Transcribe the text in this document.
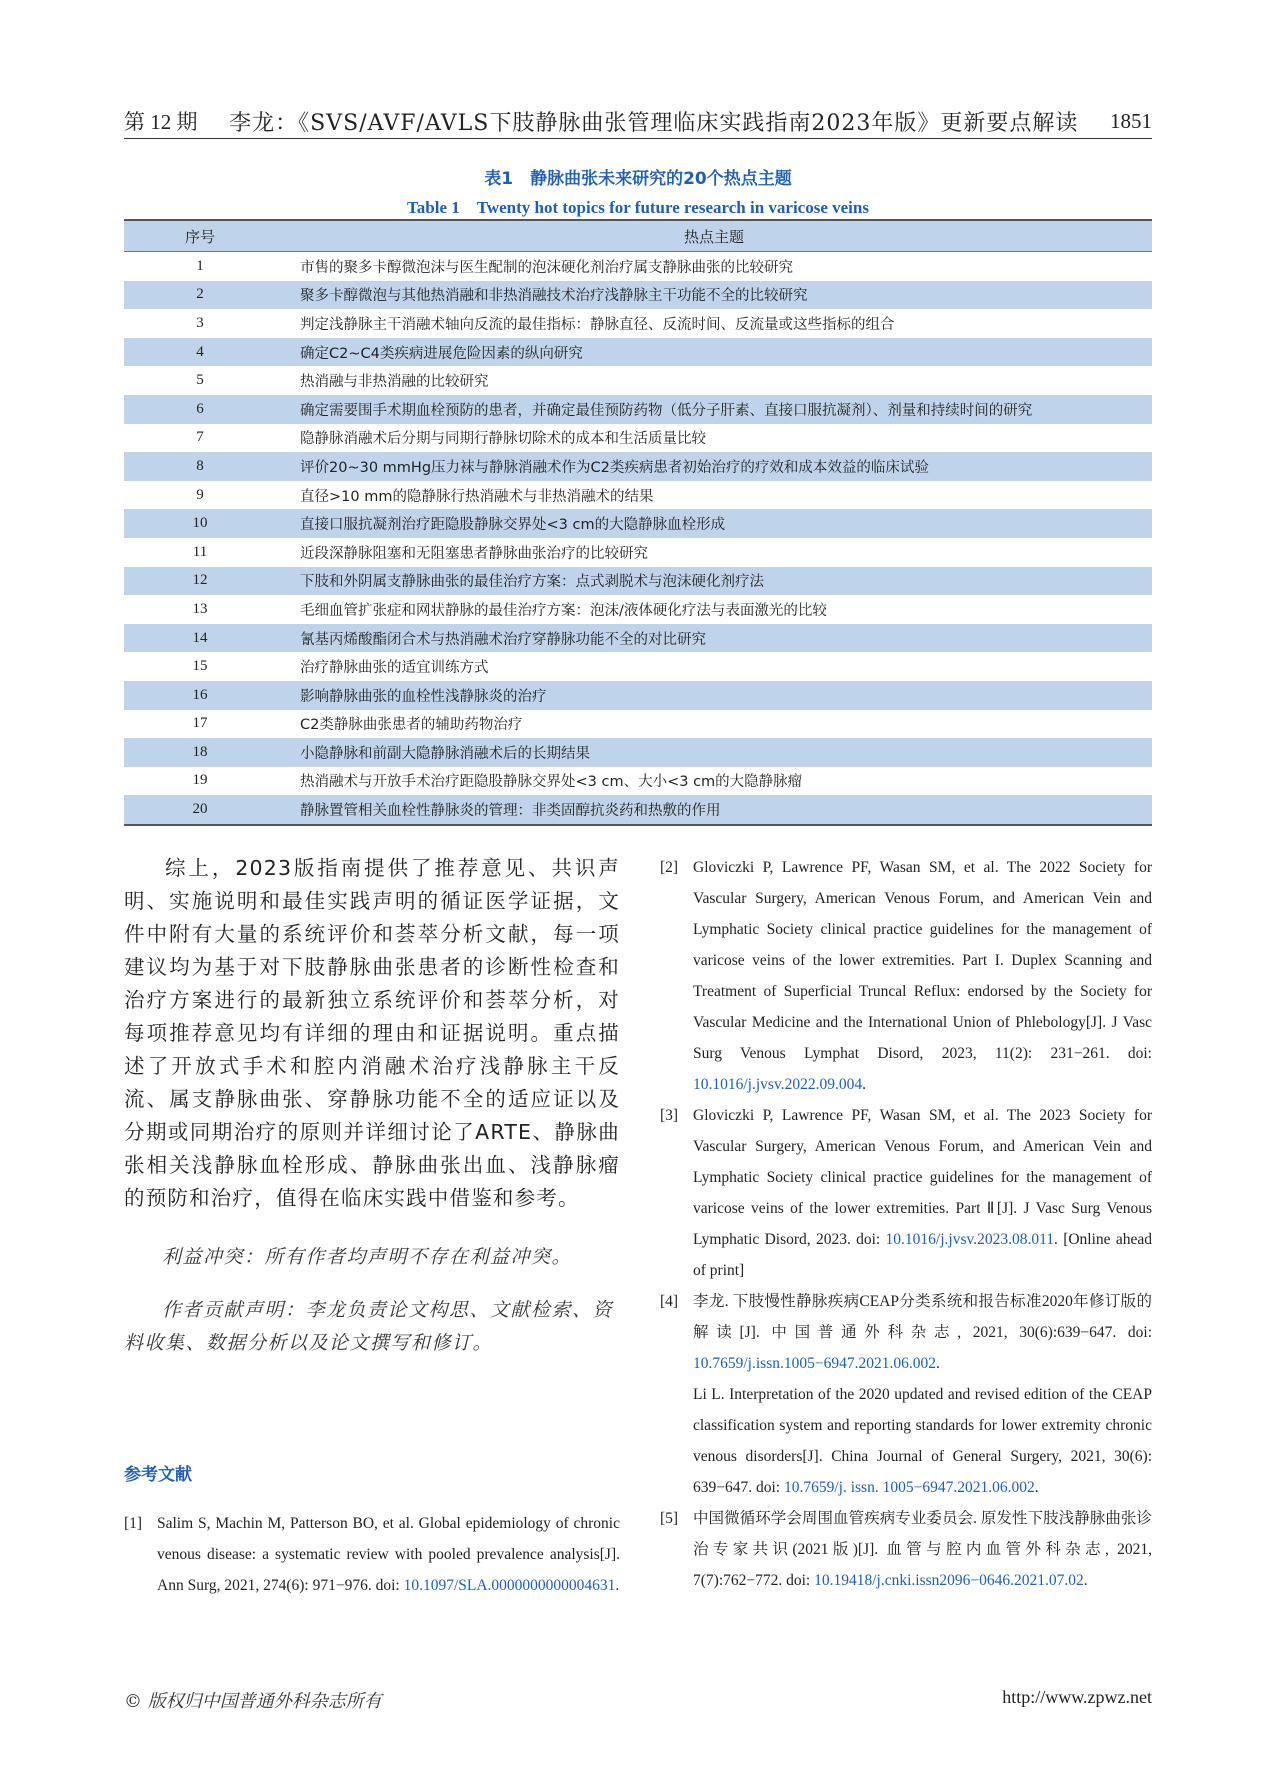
第 12 期 李龙：《SVS/AVF/AVLS下肢静脉曲张管理临床实践指南2023年版》更新要点解读 1851
表1　静脉曲张未来研究的20个热点主题
Table 1　Twenty hot topics for future research in varicose veins
序号	热点主题
1	市售的聚多卡醇微泡沫与医生配制的泡沫硬化剂治疗属支静脉曲张的比较研究
2	聚多卡醇微泡与其他热消融和非热消融技术治疗浅静脉主干功能不全的比较研究
3	判定浅静脉主干消融术轴向反流的最佳指标：静脉直径、反流时间、反流量或这些指标的组合
4	确定C2~C4类疾病进展危险因素的纵向研究
5	热消融与非热消融的比较研究
6	确定需要围手术期血栓预防的患者，并确定最佳预防药物（低分子肝素、直接口服抗凝剂）、剂量和持续时间的研究
7	隐静脉消融术后分期与同期行静脉切除术的成本和生活质量比较
8	评价20~30 mmHg压力袜与静脉消融术作为C2类疾病患者初始治疗的疗效和成本效益的临床试验
9	直径>10 mm的隐静脉行热消融术与非热消融术的结果
10	直接口服抗凝剂治疗距隐股静脉交界处<3 cm的大隐静脉血栓形成
11	近段深静脉阻塞和无阻塞患者静脉曲张治疗的比较研究
12	下肢和外阴属支静脉曲张的最佳治疗方案：点式剥脱术与泡沫硬化剂疗法
13	毛细血管扩张症和网状静脉的最佳治疗方案：泡沫/液体硬化疗法与表面激光的比较
14	氰基丙烯酸酯闭合术与热消融术治疗穿静脉功能不全的对比研究
15	治疗静脉曲张的适宜训练方式
16	影响静脉曲张的血栓性浅静脉炎的治疗
17	C2类静脉曲张患者的辅助药物治疗
18	小隐静脉和前副大隐静脉消融术后的长期结果
19	热消融术与开放手术治疗距隐股静脉交界处<3 cm、大小<3 cm的大隐静脉瘤
20	静脉置管相关血栓性静脉炎的管理：非类固醇抗炎药和热敷的作用

综上，2023版指南提供了推荐意见、共识声明、实施说明和最佳实践声明的循证医学证据，文件中附有大量的系统评价和荟萃分析文献，每一项建议均为基于对下肢静脉曲张患者的诊断性检查和治疗方案进行的最新独立系统评价和荟萃分析，对每项推荐意见均有详细的理由和证据说明。重点描述了开放式手术和腔内消融术治疗浅静脉主干反流、属支静脉曲张、穿静脉功能不全的适应证以及分期或同期治疗的原则并详细讨论了ARTE、静脉曲张相关浅静脉血栓形成、静脉曲张出血、浅静脉瘤的预防和治疗，值得在临床实践中借鉴和参考。

利益冲突：所有作者均声明不存在利益冲突。

作者贡献声明：李龙负责论文构思、文献检索、资料收集、数据分析以及论文撰写和修订。

参考文献
[1] Salim S, Machin M, Patterson BO, et al. Global epidemiology of chronic venous disease: a systematic review with pooled prevalence analysis[J]. Ann Surg, 2021, 274(6): 971−976. doi: 10.1097/SLA.0000000000004631.
[2] Gloviczki P, Lawrence PF, Wasan SM, et al. The 2022 Society for Vascular Surgery, American Venous Forum, and American Vein and Lymphatic Society clinical practice guidelines for the management of varicose veins of the lower extremities. Part I. Duplex Scanning and Treatment of Superficial Truncal Reflux: endorsed by the Society for Vascular Medicine and the International Union of Phlebology[J]. J Vasc Surg Venous Lymphat Disord, 2023, 11(2): 231−261. doi: 10.1016/j.jvsv.2022.09.004.
[3] Gloviczki P, Lawrence PF, Wasan SM, et al. The 2023 Society for Vascular Surgery, American Venous Forum, and American Vein and Lymphatic Society clinical practice guidelines for the management of varicose veins of the lower extremities. Part Ⅱ[J]. J Vasc Surg Venous Lymphatic Disord, 2023. doi: 10.1016/j.jvsv.2023.08.011. [Online ahead of print]
[4] 李龙. 下肢慢性静脉疾病CEAP分类系统和报告标准2020年修订版的解读[J]. 中国普通外科杂志, 2021, 30(6):639−647. doi: 10.7659/j.issn.1005−6947.2021.06.002.
Li L. Interpretation of the 2020 updated and revised edition of the CEAP classification system and reporting standards for lower extremity chronic venous disorders[J]. China Journal of General Surgery, 2021, 30(6): 639−647. doi: 10.7659/j. issn. 1005−6947.2021.06.002.
[5] 中国微循环学会周围血管疾病专业委员会. 原发性下肢浅静脉曲张诊治专家共识(2021版)[J]. 血管与腔内血管外科杂志, 2021, 7(7):762−772. doi: 10.19418/j.cnki.issn2096−0646.2021.07.02.
© 版权归中国普通外科杂志所有	http://www.zpwz.net
